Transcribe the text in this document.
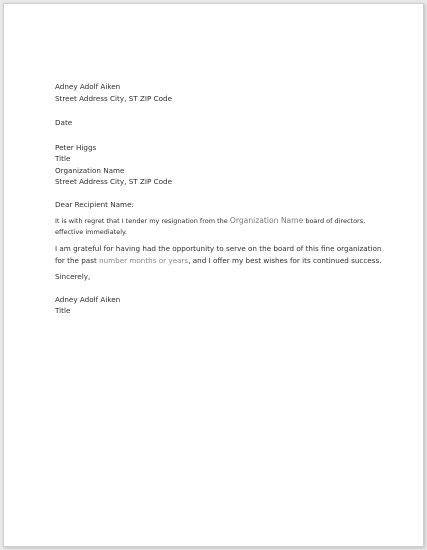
Adney Adolf Aiken
Street Address City, ST ZIP Code
Date
Peter Higgs
Title
Organization Name
Street Address City, ST ZIP Code
Dear Recipient Name:
It is with regret that I tender my resignation from the Organization Name board of directors, effective immediately.
I am grateful for having had the opportunity to serve on the board of this fine organization for the past number months or years, and I offer my best wishes for its continued success.
Sincerely,
Adney Adolf Aiken
Title
